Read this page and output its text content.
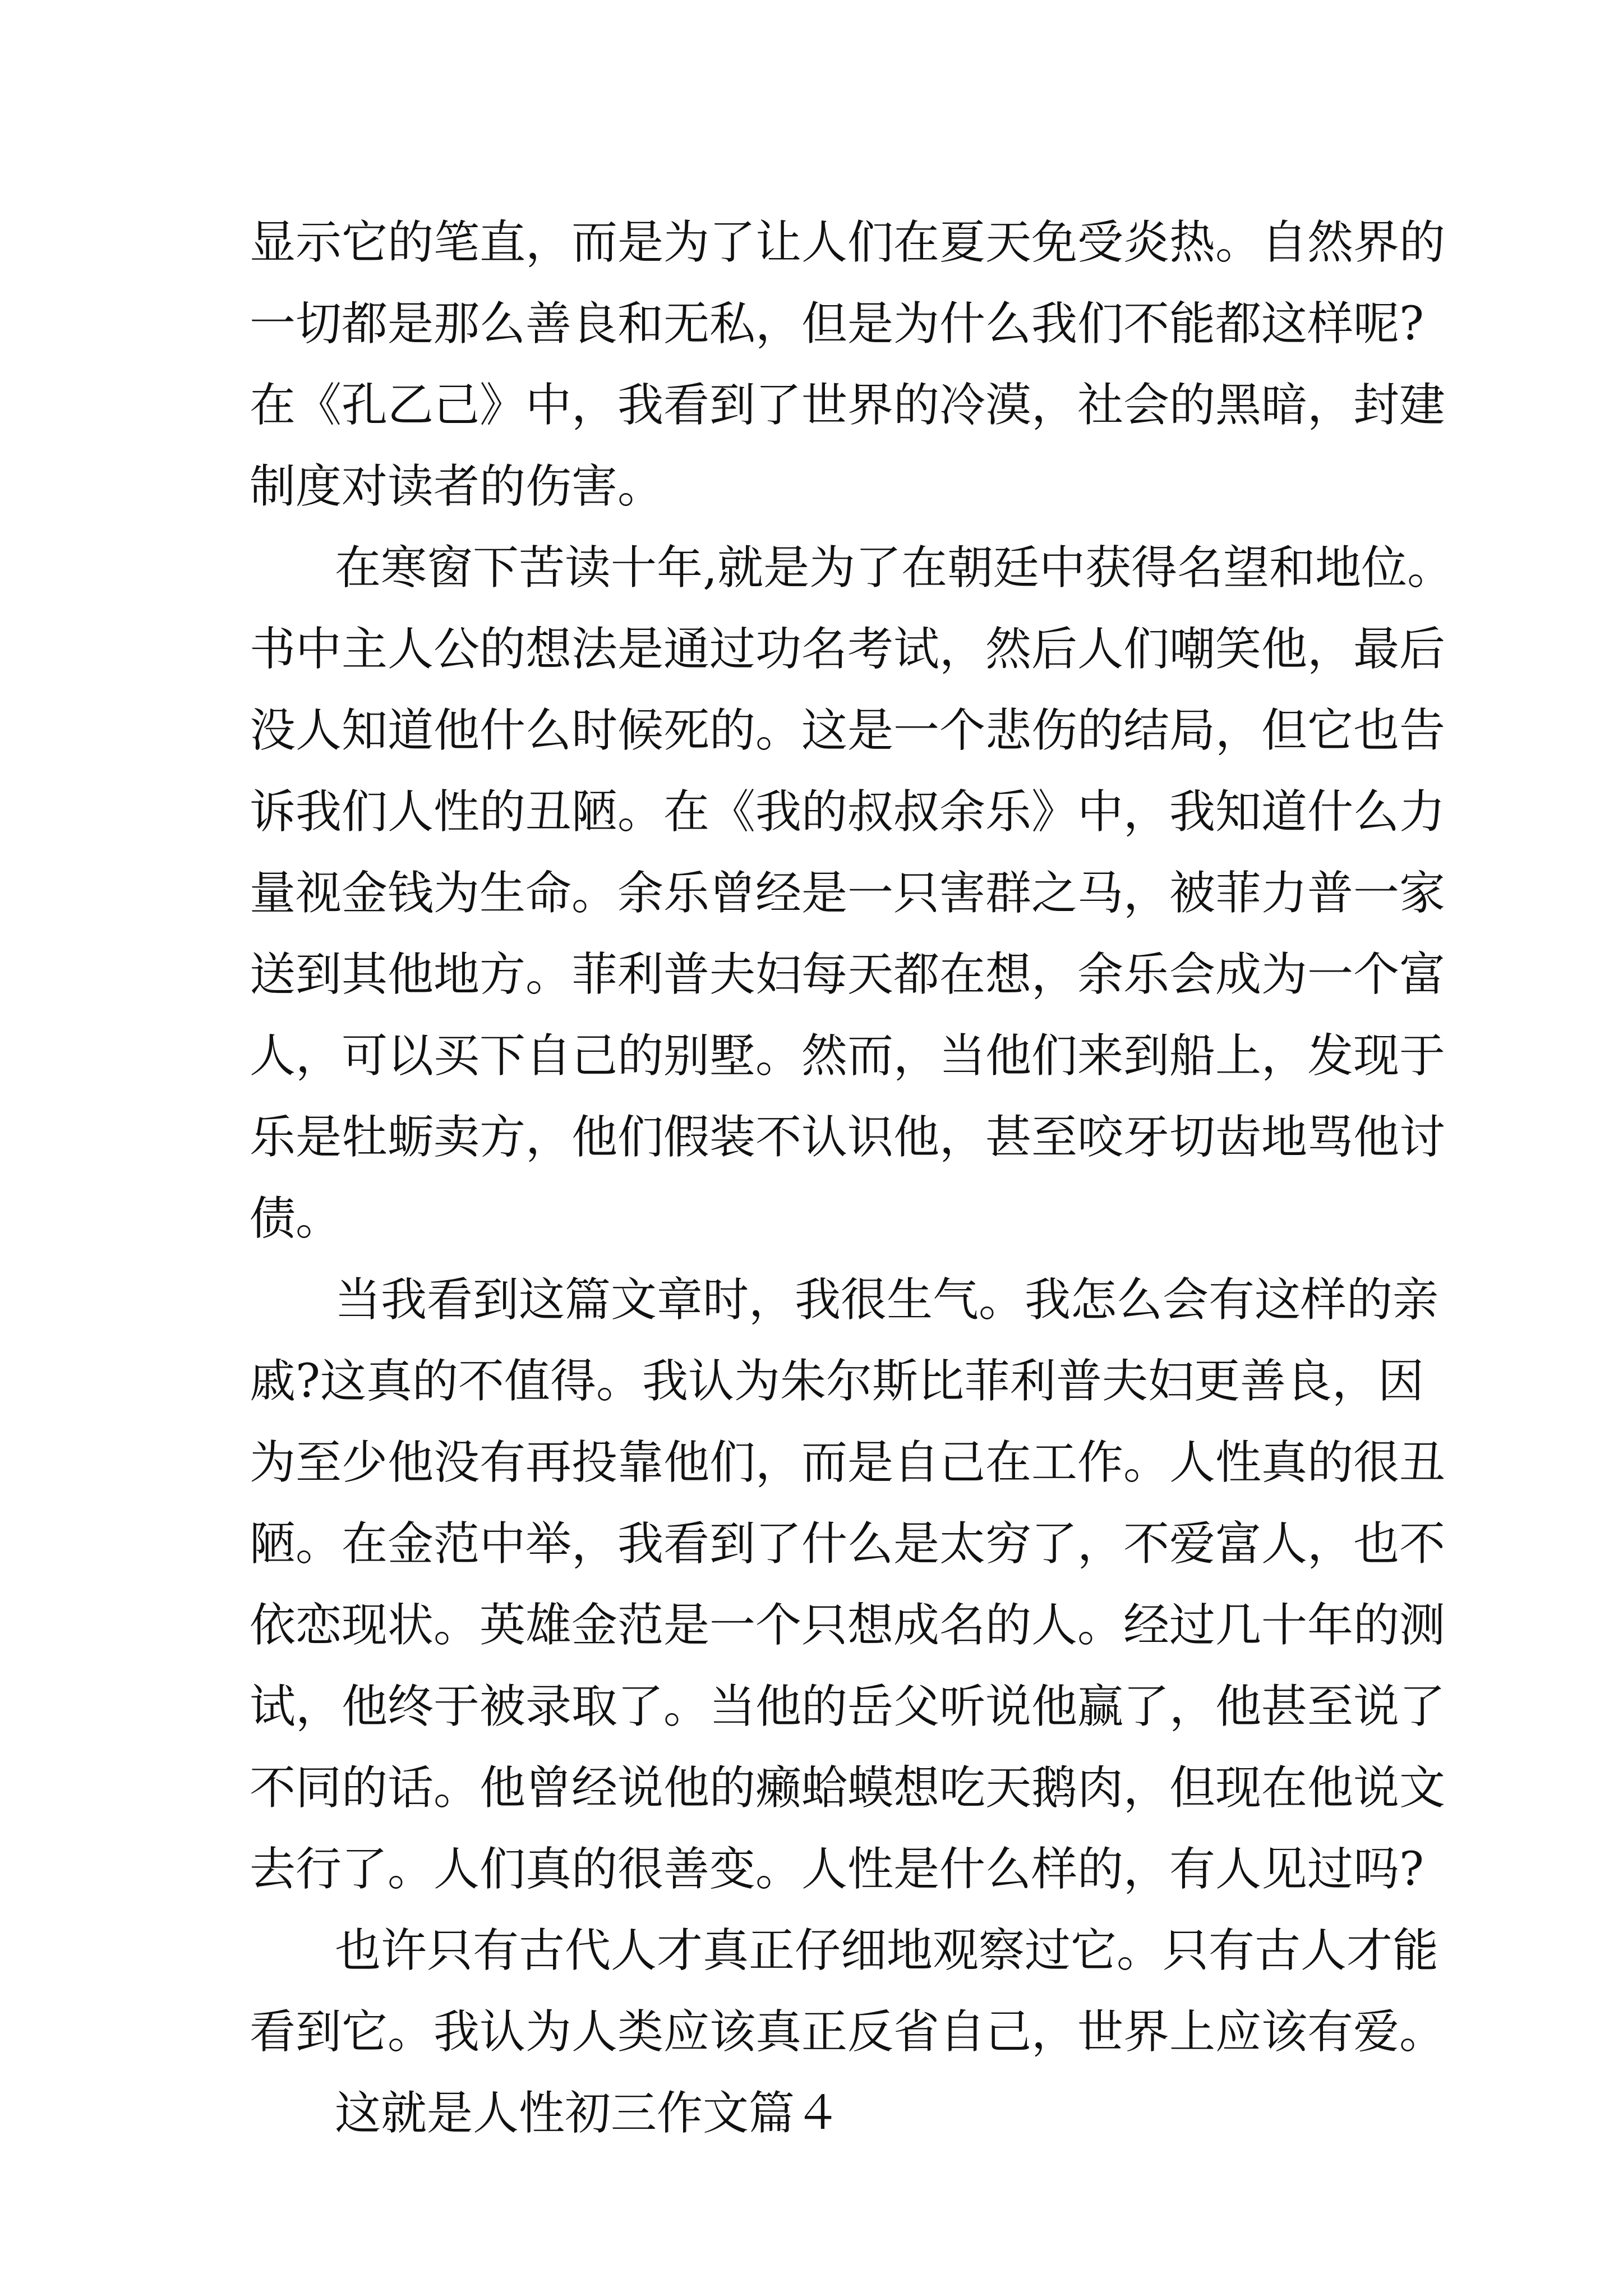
显示它的笔直，而是为了让人们在夏天免受炎热。自然界的
一切都是那么善良和无私，但是为什么我们不能都这样呢?
在《孔乙己》中，我看到了世界的冷漠，社会的黑暗，封建
制度对读者的伤害。
在寒窗下苦读十年,就是为了在朝廷中获得名望和地位。
书中主人公的想法是通过功名考试，然后人们嘲笑他，最后
没人知道他什么时候死的。这是一个悲伤的结局，但它也告
诉我们人性的丑陋。在《我的叔叔余乐》中，我知道什么力
量视金钱为生命。余乐曾经是一只害群之马，被菲力普一家
送到其他地方。菲利普夫妇每天都在想，余乐会成为一个富
人，可以买下自己的别墅。然而，当他们来到船上，发现于
乐是牡蛎卖方，他们假装不认识他，甚至咬牙切齿地骂他讨
债。
当我看到这篇文章时，我很生气。我怎么会有这样的亲
戚?这真的不值得。我认为朱尔斯比菲利普夫妇更善良，因
为至少他没有再投靠他们，而是自己在工作。人性真的很丑
陋。在金范中举，我看到了什么是太穷了，不爱富人，也不
依恋现状。英雄金范是一个只想成名的人。经过几十年的测
试，他终于被录取了。当他的岳父听说他赢了，他甚至说了
不同的话。他曾经说他的癞蛤蟆想吃天鹅肉，但现在他说文
去行了。人们真的很善变。人性是什么样的，有人见过吗?
也许只有古代人才真正仔细地观察过它。只有古人才能
看到它。我认为人类应该真正反省自己，世界上应该有爱。
这就是人性初三作文篇４
